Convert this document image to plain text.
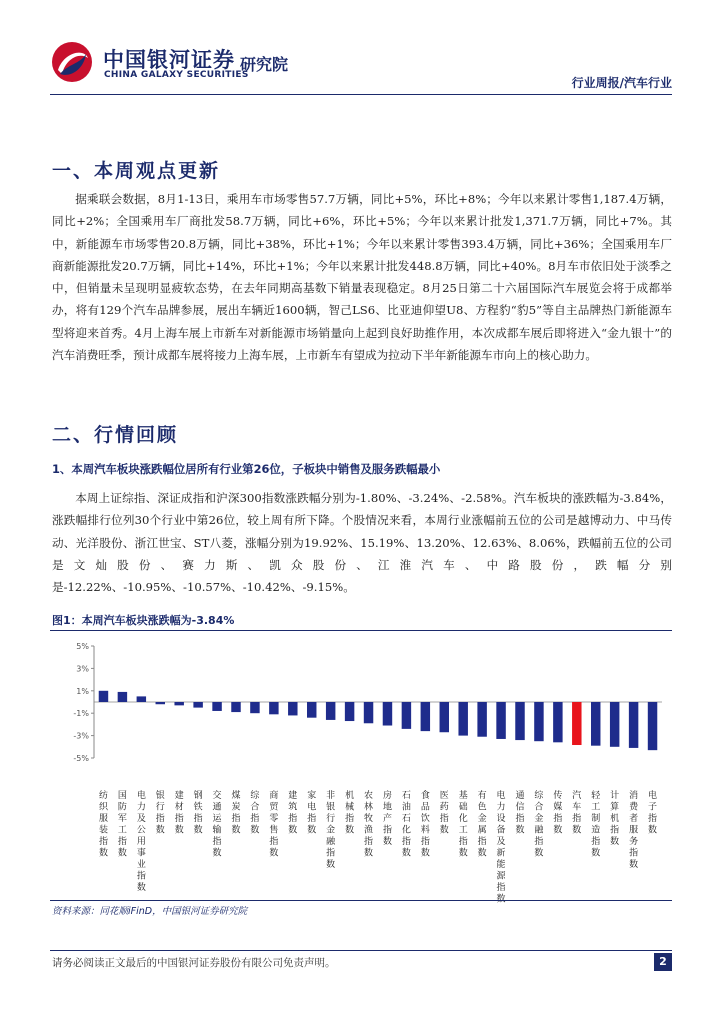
中国银河证券
CHINA GALAXY SECURITIES
研究院
行业周报/汽车行业
一、本周观点更新

据乘联会数据，8月1-13日，乘用车市场零售57.7万辆，同比+5%，环比+8%；今年以来累计零售1,187.4万辆，同比+2%；全国乘用车厂商批发58.7万辆，同比+6%，环比+5%；今年以来累计批发1,371.7万辆，同比+7%。其中，新能源车市场零售20.8万辆，同比+38%，环比+1%；今年以来累计零售393.4万辆，同比+36%；全国乘用车厂商新能源批发20.7万辆，同比+14%，环比+1%；今年以来累计批发448.8万辆，同比+40%。8月车市依旧处于淡季之中，但销量未呈现明显疲软态势，在去年同期高基数下销量表现稳定。8月25日第二十六届国际汽车展览会将于成都举办，将有129个汽车品牌参展，展出车辆近1600辆，智己LS6、比亚迪仰望U8、方程豹“豹5”等自主品牌热门新能源车型将迎来首秀。4月上海车展上市新车对新能源市场销量向上起到良好助推作用，本次成都车展后即将进入“金九银十”的汽车消费旺季，预计成都车展将接力上海车展，上市新车有望成为拉动下半年新能源车市向上的核心助力。

二、行情回顾
1、本周汽车板块涨跌幅位居所有行业第26位，子板块中销售及服务跌幅最小

本周上证综指、深证成指和沪深300指数涨跌幅分别为-1.80%、-3.24%、-2.58%。汽车板块的涨跌幅为-3.84%，涨跌幅排行位列30个行业中第26位，较上周有所下降。个股情况来看，本周行业涨幅前五位的公司是越博动力、中马传动、光洋股份、浙江世宝、ST八菱，涨幅分别为19.92%、15.19%、13.20%、12.63%、8.06%，跌幅前五位的公司是文灿股份、赛力斯、凯众股份、江淮汽车、中路股份，跌幅分别是-12.22%、-10.95%、-10.57%、-10.42%、-9.15%。

图1：本周汽车板块涨跌幅为-3.84%
5%
3%
1%
-1%
-3%
-5%
纺织服装指数
国防军工指数
电力及公用事业指数
银行指数
建材指数
钢铁指数
交通运输指数
煤炭指数
综合指数
商贸零售指数
建筑指数
家电指数
非银行金融指数
机械指数
农林牧渔指数
房地产指数
石油石化指数
食品饮料指数
医药指数
基础化工指数
有色金属指数
电力设备及新能源指数
通信指数
综合金融指数
传媒指数
汽车指数
轻工制造指数
计算机指数
消费者服务指数
电子指数
资料来源：同花顺iFinD，中国银河证券研究院
请务必阅读正文最后的中国银河证券股份有限公司免责声明。	2
